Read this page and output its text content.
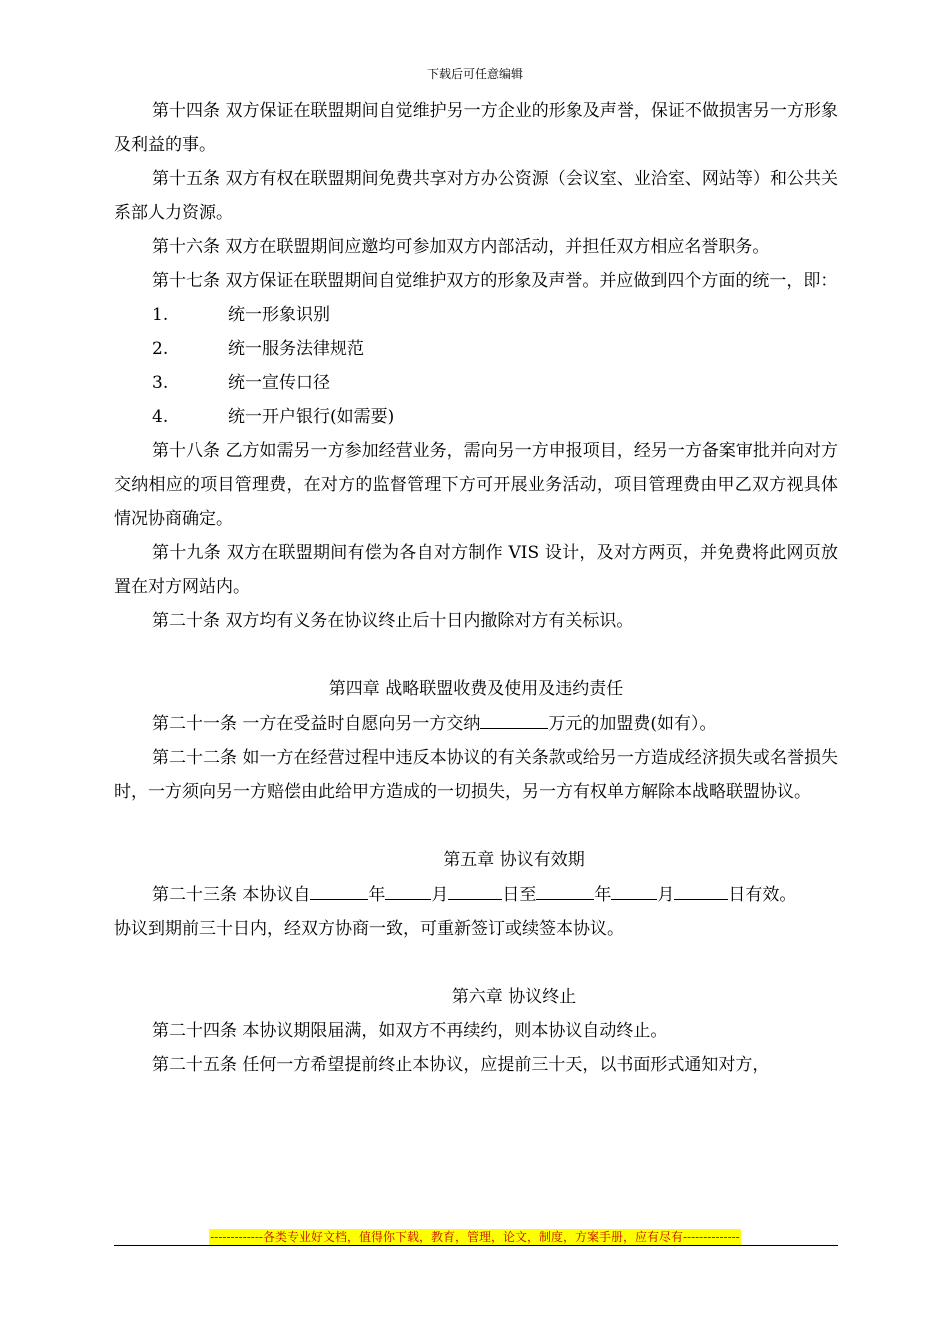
下载后可任意编辑

第十四条 双方保证在联盟期间自觉维护另一方企业的形象及声誉，保证不做损害另一方形象及利益的事。

第十五条 双方有权在联盟期间免费共享对方办公资源（会议室、业洽室、网站等）和公共关系部人力资源。

第十六条 双方在联盟期间应邀均可参加双方内部活动，并担任双方相应名誉职务。

第十七条 双方保证在联盟期间自觉维护双方的形象及声誉。并应做到四个方面的统一，即：

1.	统一形象识别
2.	统一服务法律规范
3.	统一宣传口径
4.	统一开户银行(如需要)

第十八条 乙方如需另一方参加经营业务，需向另一方申报项目，经另一方备案审批并向对方交纳相应的项目管理费，在对方的监督管理下方可开展业务活动，项目管理费由甲乙双方视具体情况协商确定。

第十九条 双方在联盟期间有偿为各自对方制作 VIS 设计，及对方两页，并免费将此网页放置在对方网站内。

第二十条 双方均有义务在协议终止后十日内撤除对方有关标识。

第四章 战略联盟收费及使用及违约责任

第二十一条 一方在受益时自愿向另一方交纳	万元的加盟费(如有）。

第二十二条 如一方在经营过程中违反本协议的有关条款或给另一方造成经济损失或名誉损失时，一方须向另一方赔偿由此给甲方造成的一切损失，另一方有权单方解除本战略联盟协议。

第五章 协议有效期

第二十三条 本协议自	年	月	日至	年	月	日有效。

协议到期前三十日内，经双方协商一致，可重新签订或续签本协议。

第六章 协议终止

第二十四条 本协议期限届满，如双方不再续约，则本协议自动终止。

第二十五条 任何一方希望提前终止本协议，应提前三十天，以书面形式通知对方，

-------------各类专业好文档，值得你下载，教育，管理，论文，制度，方案手册，应有尽有--------------
